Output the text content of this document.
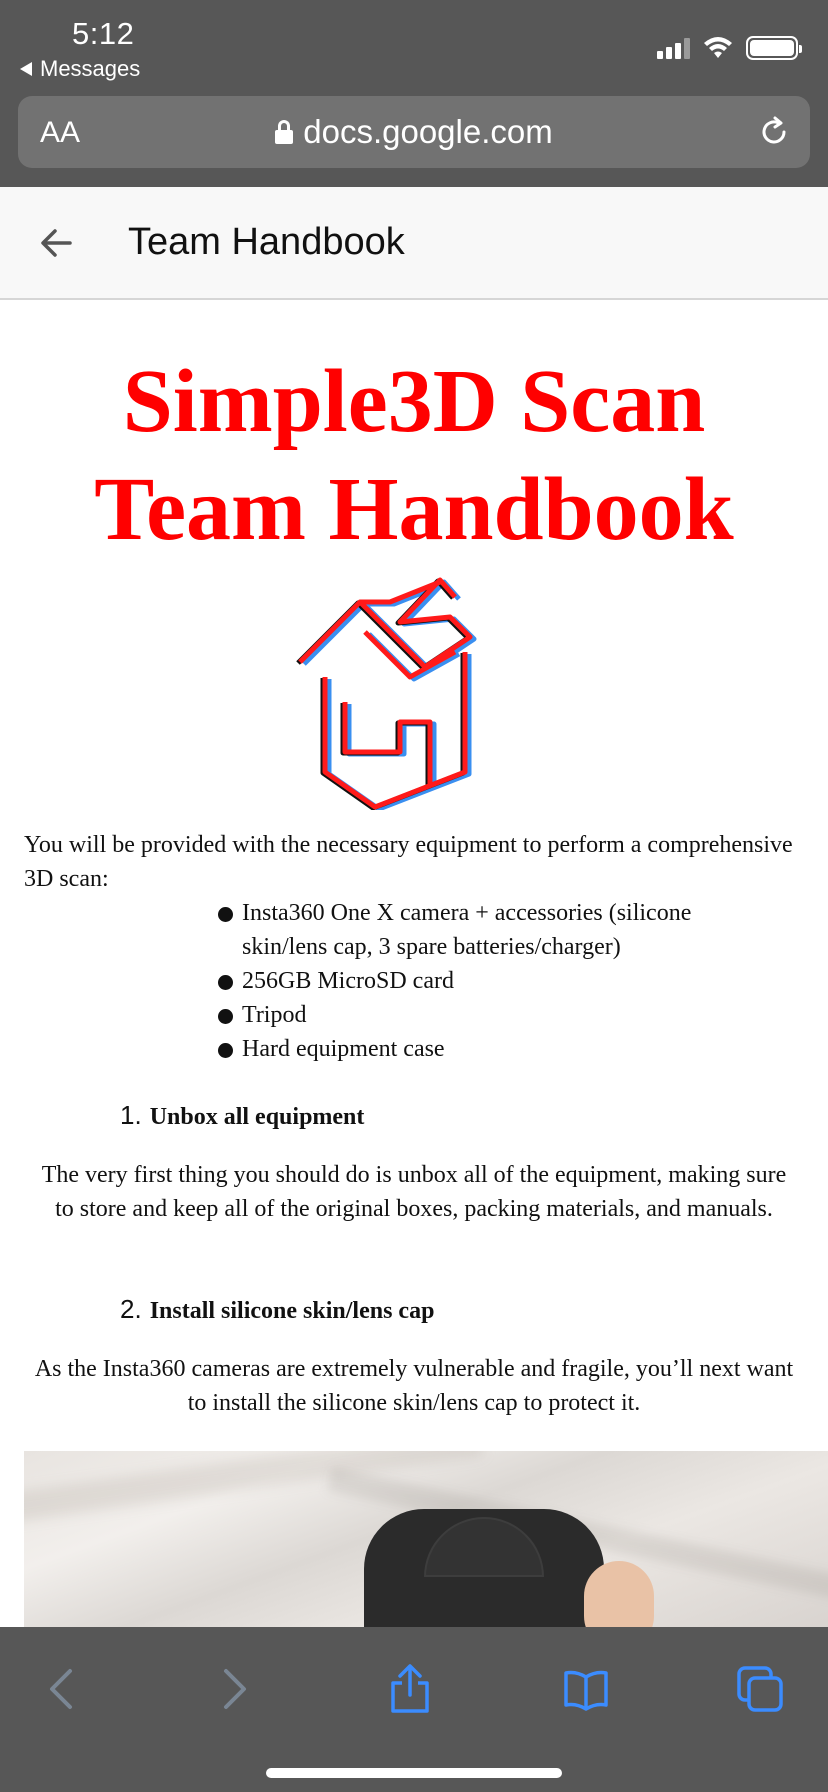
5:12
Messages
AA	docs.google.com
Team Handbook
Simple3D Scan
Team Handbook

You will be provided with the necessary equipment to perform a comprehensive 3D scan:

Insta360 One X camera + accessories (silicone skin/lens cap, 3 spare batteries/charger)
256GB MicroSD card
Tripod
Hard equipment case
1. Unbox all equipment

The very first thing you should do is unbox all of the equipment, making sure to store and keep all of the original boxes, packing materials, and manuals.

2. Install silicone skin/lens cap

As the Insta360 cameras are extremely vulnerable and fragile, you’ll next want to install the silicone skin/lens cap to protect it.
